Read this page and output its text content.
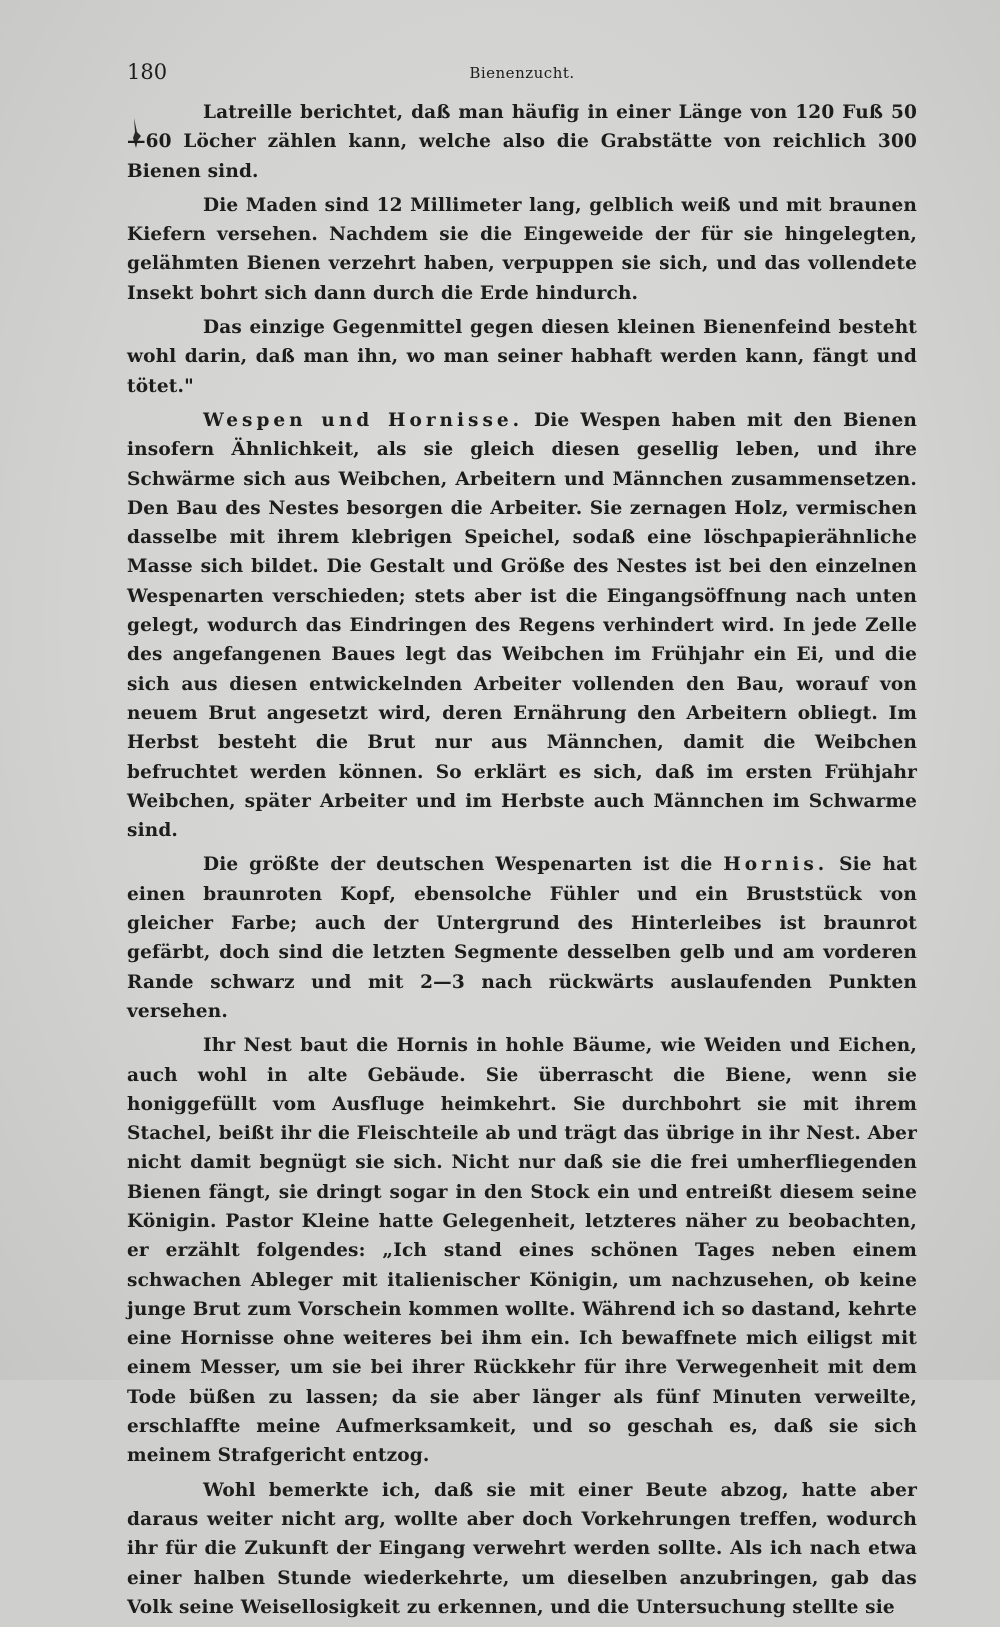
180	Bienenzucht.

Latreille berichtet, daß man häufig in einer Länge von 120 Fuß 50—60 Löcher zählen kann, welche also die Grabstätte von reichlich 300 Bienen sind.

Die Maden sind 12 Millimeter lang, gelblich weiß und mit braunen Kiefern versehen. Nachdem sie die Eingeweide der für sie hingelegten, gelähmten Bienen verzehrt haben, verpuppen sie sich, und das vollendete Insekt bohrt sich dann durch die Erde hindurch.

Das einzige Gegenmittel gegen diesen kleinen Bienenfeind besteht wohl darin, daß man ihn, wo man seiner habhaft werden kann, fängt und tötet."

Wespen und Hornisse. Die Wespen haben mit den Bienen insofern Ähnlichkeit, als sie gleich diesen gesellig leben, und ihre Schwärme sich aus Weibchen, Arbeitern und Männchen zusammensetzen. Den Bau des Nestes besorgen die Arbeiter. Sie zernagen Holz, vermischen dasselbe mit ihrem klebrigen Speichel, sodaß eine löschpapierähnliche Masse sich bildet. Die Gestalt und Größe des Nestes ist bei den einzelnen Wespenarten verschieden; stets aber ist die Eingangsöffnung nach unten gelegt, wodurch das Eindringen des Regens verhindert wird. In jede Zelle des angefangenen Baues legt das Weibchen im Frühjahr ein Ei, und die sich aus diesen entwickelnden Arbeiter vollenden den Bau, worauf von neuem Brut angesetzt wird, deren Ernährung den Arbeitern obliegt. Im Herbst besteht die Brut nur aus Männchen, damit die Weibchen befruchtet werden können. So erklärt es sich, daß im ersten Frühjahr Weibchen, später Arbeiter und im Herbste auch Männchen im Schwarme sind.

Die größte der deutschen Wespenarten ist die Hornis. Sie hat einen braunroten Kopf, ebensolche Fühler und ein Bruststück von gleicher Farbe; auch der Untergrund des Hinterleibes ist braunrot gefärbt, doch sind die letzten Segmente desselben gelb und am vorderen Rande schwarz und mit 2—3 nach rückwärts auslaufenden Punkten versehen.

Ihr Nest baut die Hornis in hohle Bäume, wie Weiden und Eichen, auch wohl in alte Gebäude. Sie überrascht die Biene, wenn sie honiggefüllt vom Ausfluge heimkehrt. Sie durchbohrt sie mit ihrem Stachel, beißt ihr die Fleischteile ab und trägt das übrige in ihr Nest. Aber nicht damit begnügt sie sich. Nicht nur daß sie die frei umherfliegenden Bienen fängt, sie dringt sogar in den Stock ein und entreißt diesem seine Königin. Pastor Kleine hatte Gelegenheit, letzteres näher zu beobachten, er erzählt folgendes: „Ich stand eines schönen Tages neben einem schwachen Ableger mit italienischer Königin, um nachzusehen, ob keine junge Brut zum Vorschein kommen wollte. Während ich so dastand, kehrte eine Hornisse ohne weiteres bei ihm ein. Ich bewaffnete mich eiligst mit einem Messer, um sie bei ihrer Rückkehr für ihre Verwegenheit mit dem Tode büßen zu lassen; da sie aber länger als fünf Minuten verweilte, erschlaffte meine Aufmerksamkeit, und so geschah es, daß sie sich meinem Strafgericht entzog.

Wohl bemerkte ich, daß sie mit einer Beute abzog, hatte aber daraus weiter nicht arg, wollte aber doch Vorkehrungen treffen, wodurch ihr für die Zukunft der Eingang verwehrt werden sollte. Als ich nach etwa einer halben Stunde wiederkehrte, um dieselben anzubringen, gab das Volk seine Weisellosigkeit zu erkennen, und die Untersuchung stellte sie
